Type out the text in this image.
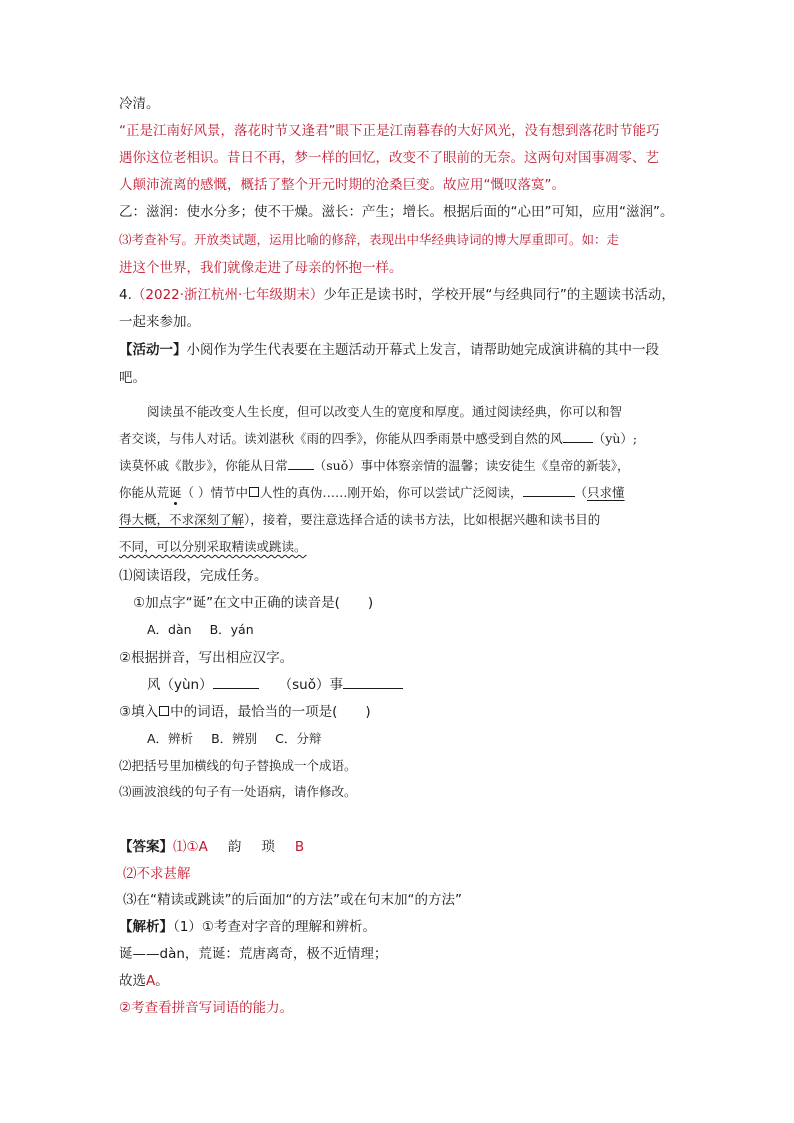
冷清。
“正是江南好风景，落花时节又逢君”眼下正是江南暮春的大好风光，没有想到落花时节能巧
遇你这位老相识。昔日不再，梦一样的回忆，改变不了眼前的无奈。这两句对国事凋零、艺
人颠沛流离的感慨，概括了整个开元时期的沧桑巨变。故应用“慨叹落寞”。
乙：滋润：使水分多；使不干燥。滋长：产生；增长。根据后面的“心田”可知，应用“滋润”。
⑶考查补写。开放类试题，运用比喻的修辞，表现出中华经典诗词的博大厚重即可。如：走
进这个世界，我们就像走进了母亲的怀抱一样。
4.（2022·浙江杭州·七年级期末）少年正是读书时，学校开展“与经典同行”的主题读书活动，
一起来参加。
【活动一】小阅作为学生代表要在主题活动开幕式上发言，请帮助她完成演讲稿的其中一段
吧。
阅读虽不能改变人生长度，但可以改变人生的宽度和厚度。通过阅读经典，你可以和智
者交谈，与伟人对话。读刘湛秋《雨的四季》，你能从四季雨景中感受到自然的风 （yù）;
读莫怀戚《散步》，你能从日常 （suǒ）事中体察亲情的温馨；读安徒生《皇帝的新装》，
你能从荒诞（ ）情节中 人性的真伪……刚开始，你可以尝试广泛阅读，	（只求懂
得大概，不求深刻了解），接着，要注意选择合适的读书方法，比如根据兴趣和读书目的
不同，可以分别采取精读或跳读。
⑴阅读语段，完成任务。
①加点字“诞”在文中正确的读音是( )
A．dàn B．yán
②根据拼音，写出相应汉字。
风（yùn）	（suǒ）事
③填入 中的词语，最恰当的一项是( )
A．辨析 B．辨别 C．分辩
⑵把括号里加横线的句子替换成一个成语。
⑶画波浪线的句子有一处语病，请作修改。
【答案】⑴①A 韵 琐 B
⑵不求甚解
⑶在“精读或跳读”的后面加“的方法”或在句末加“的方法”
【解析】（1）①考查对字音的理解和辨析。
诞——dàn，荒诞：荒唐离奇，极不近情理；
故选A。
②考查看拼音写词语的能力。
